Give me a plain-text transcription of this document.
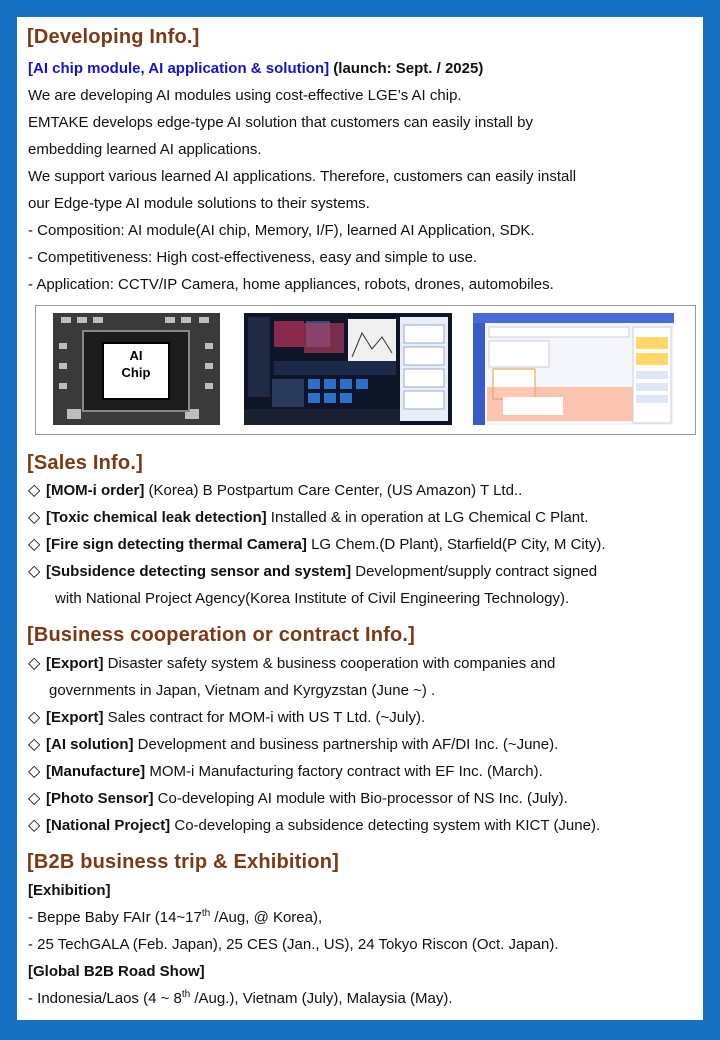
[Developing Info.]
[AI chip module, AI application & solution] (launch: Sept. / 2025)
We are developing AI modules using cost-effective LGE’s AI chip.
EMTAKE develops edge-type AI solution that customers can easily install by
embedding learned AI applications.
We support various learned AI applications. Therefore, customers can easily install
our Edge-type AI module solutions to their systems.
- Composition: AI module(AI chip, Memory, I/F), learned AI Application, SDK.
- Competitiveness: High cost-effectiveness, easy and simple to use.
- Application: CCTV/IP Camera, home appliances, robots, drones, automobiles.
AI
Chip
[Sales Info.]
◇ [MOM-i order] (Korea) B Postpartum Care Center, (US Amazon) T Ltd..
◇ [Toxic chemical leak detection] Installed & in operation at LG Chemical C Plant.
◇ [Fire sign detecting thermal Camera] LG Chem.(D Plant), Starfield(P City, M City).
◇ [Subsidence detecting sensor and system] Development/supply contract signed
with National Project Agency(Korea Institute of Civil Engineering Technology).
[Business cooperation or contract Info.]
◇ [Export] Disaster safety system & business cooperation with companies and
governments in Japan, Vietnam and Kyrgyzstan (June ~) .
◇ [Export] Sales contract for MOM-i with US T Ltd. (~July).
◇ [AI solution] Development and business partnership with AF/DI Inc. (~June).
◇ [Manufacture] MOM-i Manufacturing factory contract with EF Inc. (March).
◇ [Photo Sensor] Co-developing AI module with Bio-processor of NS Inc. (July).
◇ [National Project] Co-developing a subsidence detecting system with KICT (June).
[B2B business trip & Exhibition]
[Exhibition]
- Beppe Baby FAIr (14~17th /Aug, @ Korea),
- 25 TechGALA (Feb. Japan), 25 CES (Jan., US), 24 Tokyo Riscon (Oct. Japan).
[Global B2B Road Show]
- Indonesia/Laos (4 ~ 8th /Aug.), Vietnam (July), Malaysia (May).
